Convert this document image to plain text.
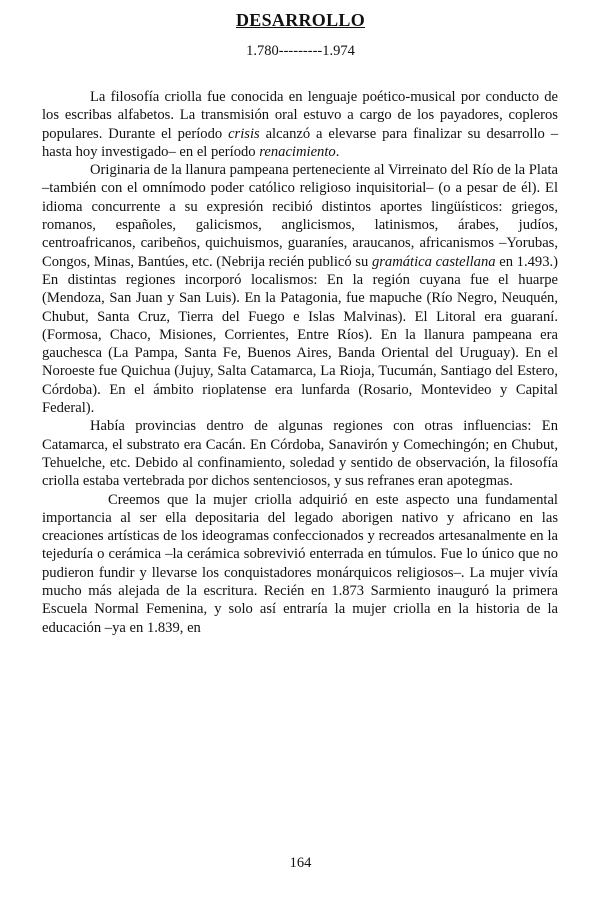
DESARROLLO
1.780---------1.974

La filosofía criolla fue conocida en lenguaje poético-musical por conducto de los escribas alfabetos. La transmisión oral estuvo a cargo de los payadores, copleros populares. Durante el período crisis alcanzó a elevarse para finalizar su desarrollo –hasta hoy investigado– en el período renacimiento.

Originaria de la llanura pampeana perteneciente al Virreinato del Río de la Plata –también con el omnímodo poder católico religioso inquisitorial– (o a pesar de él). El idioma concurrente a su expresión recibió distintos aportes lingüísticos: griegos, romanos, españoles, galicismos, anglicismos, latinismos, árabes, judíos, centroafricanos, caribeños, quichuismos, guaraníes, araucanos, africanismos –Yorubas, Congos, Minas, Bantúes, etc. (Nebrija recién publicó su gramática castellana en 1.493.) En distintas regiones incorporó localismos: En la región cuyana fue el huarpe (Mendoza, San Juan y San Luis). En la Patagonia, fue mapuche (Río Negro, Neuquén, Chubut, Santa Cruz, Tierra del Fuego e Islas Malvinas). El Litoral era guaraní.(Formosa, Chaco, Misiones, Corrientes, Entre Ríos). En la llanura pampeana era gauchesca (La Pampa, Santa Fe, Buenos Aires, Banda Oriental del Uruguay). En el Noroeste fue Quichua (Jujuy, Salta Catamarca, La Rioja, Tucumán, Santiago del Estero, Córdoba). En el ámbito rioplatense era lunfarda (Rosario, Montevideo y Capital Federal).

Había provincias dentro de algunas regiones con otras influencias: En Catamarca, el substrato era Cacán. En Córdoba, Sanavirón y Comechingón; en Chubut, Tehuelche, etc. Debido al confinamiento, soledad y sentido de observación, la filosofía criolla estaba vertebrada por dichos sentenciosos, y sus refranes eran apotegmas.

Creemos que la mujer criolla adquirió en este aspecto una fundamental importancia al ser ella depositaria del legado aborigen nativo y africano en las creaciones artísticas de los ideogramas confeccionados y recreados artesanalmente en la tejeduría o cerámica –la cerámica sobrevivió enterrada en túmulos. Fue lo único que no pudieron fundir y llevarse los conquistadores monárquicos religiosos–. La mujer vivía mucho más alejada de la escritura. Recién en 1.873 Sarmiento inauguró la primera Escuela Normal Femenina, y solo así entraría la mujer criolla en la historia de la educación –ya en 1.839, en

164
